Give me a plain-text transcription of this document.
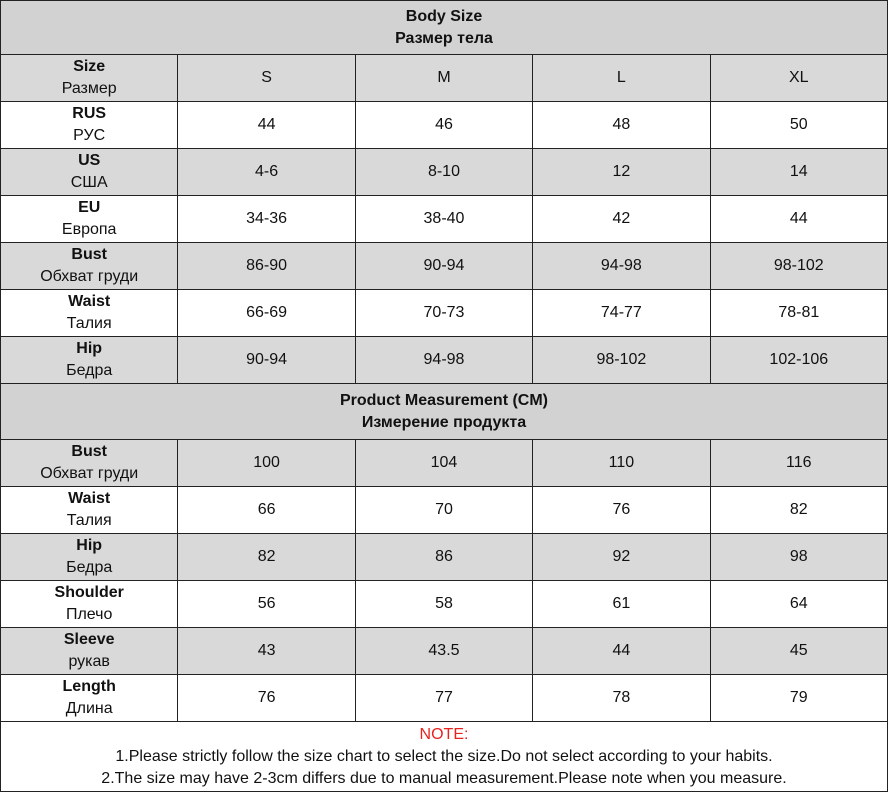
Body Size
Размер тела				

Size
Размер	S	M	L	XL

RUS
РУС	44	46	48	50

US
США	4-6	8-10	12	14

EU
Европа	34-36	38-40	42	44

Bust
Обхват груди	86-90	90-94	94-98	98-102

Waist
Талия	66-69	70-73	74-77	78-81

Hip
Бедра	90-94	94-98	98-102	102-106

Product Measurement (CM)
Измерение продукта				

Bust
Обхват груди	100	104	110	116

Waist
Талия	66	70	76	82

Hip
Бедра	82	86	92	98

Shoulder
Плечо	56	58	61	64

Sleeve
рукав	43	43.5	44	45

Length
Длина	76	77	78	79

NOTE:
1.Please strictly follow the size chart to select the size.Do not select according to your habits.
2.The size may have 2-3cm differs due to manual measurement.Please note when you measure.				
